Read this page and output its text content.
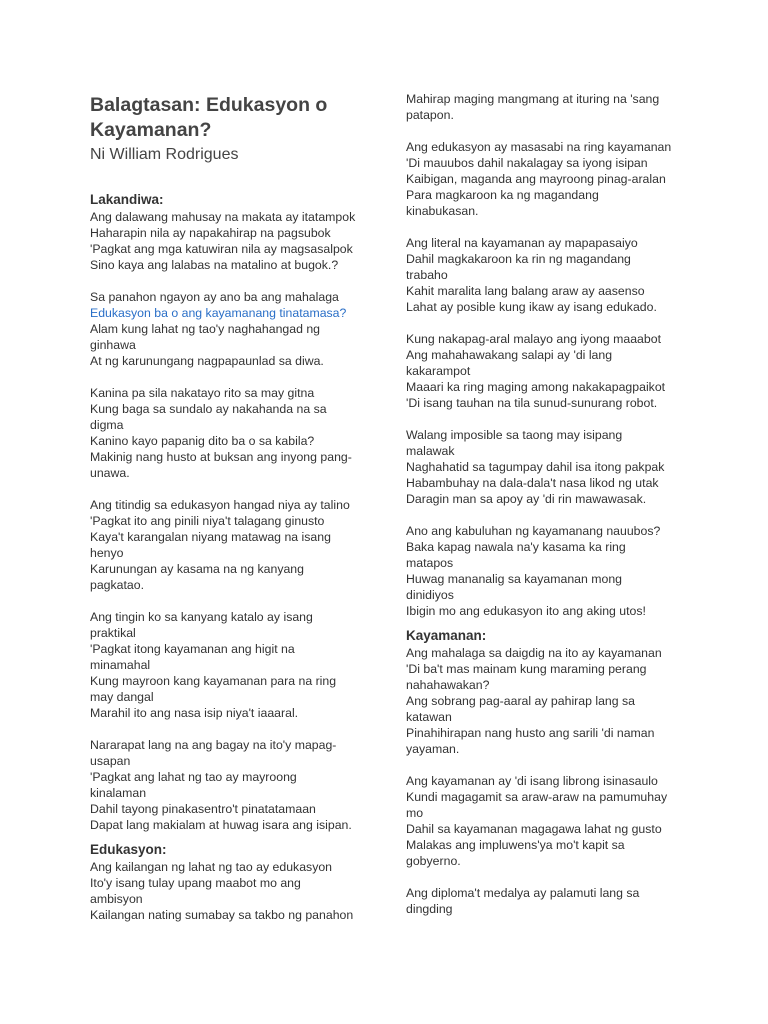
Balagtasan: Edukasyon o Kayamanan?
Ni William Rodrigues
Lakandiwa:
Ang dalawang mahusay na makata ay itatampok
Haharapin nila ay napakahirap na pagsubok
'Pagkat ang mga katuwiran nila ay magsasalpok
Sino kaya ang lalabas na matalino at bugok.?
Sa panahon ngayon ay ano ba ang mahalaga
Edukasyon ba o ang kayamanang tinatamasa?
Alam kung lahat ng tao'y naghahangad ng
ginhawa
At ng karunungang nagpapaunlad sa diwa.
Kanina pa sila nakatayo rito sa may gitna
Kung baga sa sundalo ay nakahanda na sa
digma
Kanino kayo papanig dito ba o sa kabila?
Makinig nang husto at buksan ang inyong pang-
unawa.
Ang titindig sa edukasyon hangad niya ay talino
'Pagkat ito ang pinili niya't talagang ginusto
Kaya't karangalan niyang matawag na isang
henyo
Karunungan ay kasama na ng kanyang
pagkatao.
Ang tingin ko sa kanyang katalo ay isang
praktikal
'Pagkat itong kayamanan ang higit na
minamahal
Kung mayroon kang kayamanan para na ring
may dangal
Marahil ito ang nasa isip niya't iaaaral.
Nararapat lang na ang bagay na ito'y mapag-
usapan
'Pagkat ang lahat ng tao ay mayroong
kinalaman
Dahil tayong pinakasentro't pinatatamaan
Dapat lang makialam at huwag isara ang isipan.
Edukasyon:
Ang kailangan ng lahat ng tao ay edukasyon
Ito'y isang tulay upang maabot mo ang
ambisyon
Kailangan nating sumabay sa takbo ng panahon
Mahirap maging mangmang at ituring na 'sang
patapon.
Ang edukasyon ay masasabi na ring kayamanan
'Di mauubos dahil nakalagay sa iyong isipan
Kaibigan, maganda ang mayroong pinag-aralan
Para magkaroon ka ng magandang
kinabukasan.
Ang literal na kayamanan ay mapapasaiyo
Dahil magkakaroon ka rin ng magandang
trabaho
Kahit maralita lang balang araw ay aasenso
Lahat ay posible kung ikaw ay isang edukado.
Kung nakapag-aral malayo ang iyong maaabot
Ang mahahawakang salapi ay 'di lang
kakarampot
Maaari ka ring maging among nakakapagpaikot
'Di isang tauhan na tila sunud-sunurang robot.
Walang imposible sa taong may isipang
malawak
Naghahatid sa tagumpay dahil isa itong pakpak
Habambuhay na dala-dala't nasa likod ng utak
Daragin man sa apoy ay 'di rin mawawasak.
Ano ang kabuluhan ng kayamanang nauubos?
Baka kapag nawala na'y kasama ka ring
matapos
Huwag mananalig sa kayamanan mong
dinidiyos
Ibigin mo ang edukasyon ito ang aking utos!
Kayamanan:
Ang mahalaga sa daigdig na ito ay kayamanan
'Di ba't mas mainam kung maraming perang
nahahawakan?
Ang sobrang pag-aaral ay pahirap lang sa
katawan
Pinahihirapan nang husto ang sarili 'di naman
yayaman.
Ang kayamanan ay 'di isang librong isinasaulo
Kundi magagamit sa araw-araw na pamumuhay
mo
Dahil sa kayamanan magagawa lahat ng gusto
Malakas ang impluwens'ya mo't kapit sa
gobyerno.
Ang diploma't medalya ay palamuti lang sa
dingding
